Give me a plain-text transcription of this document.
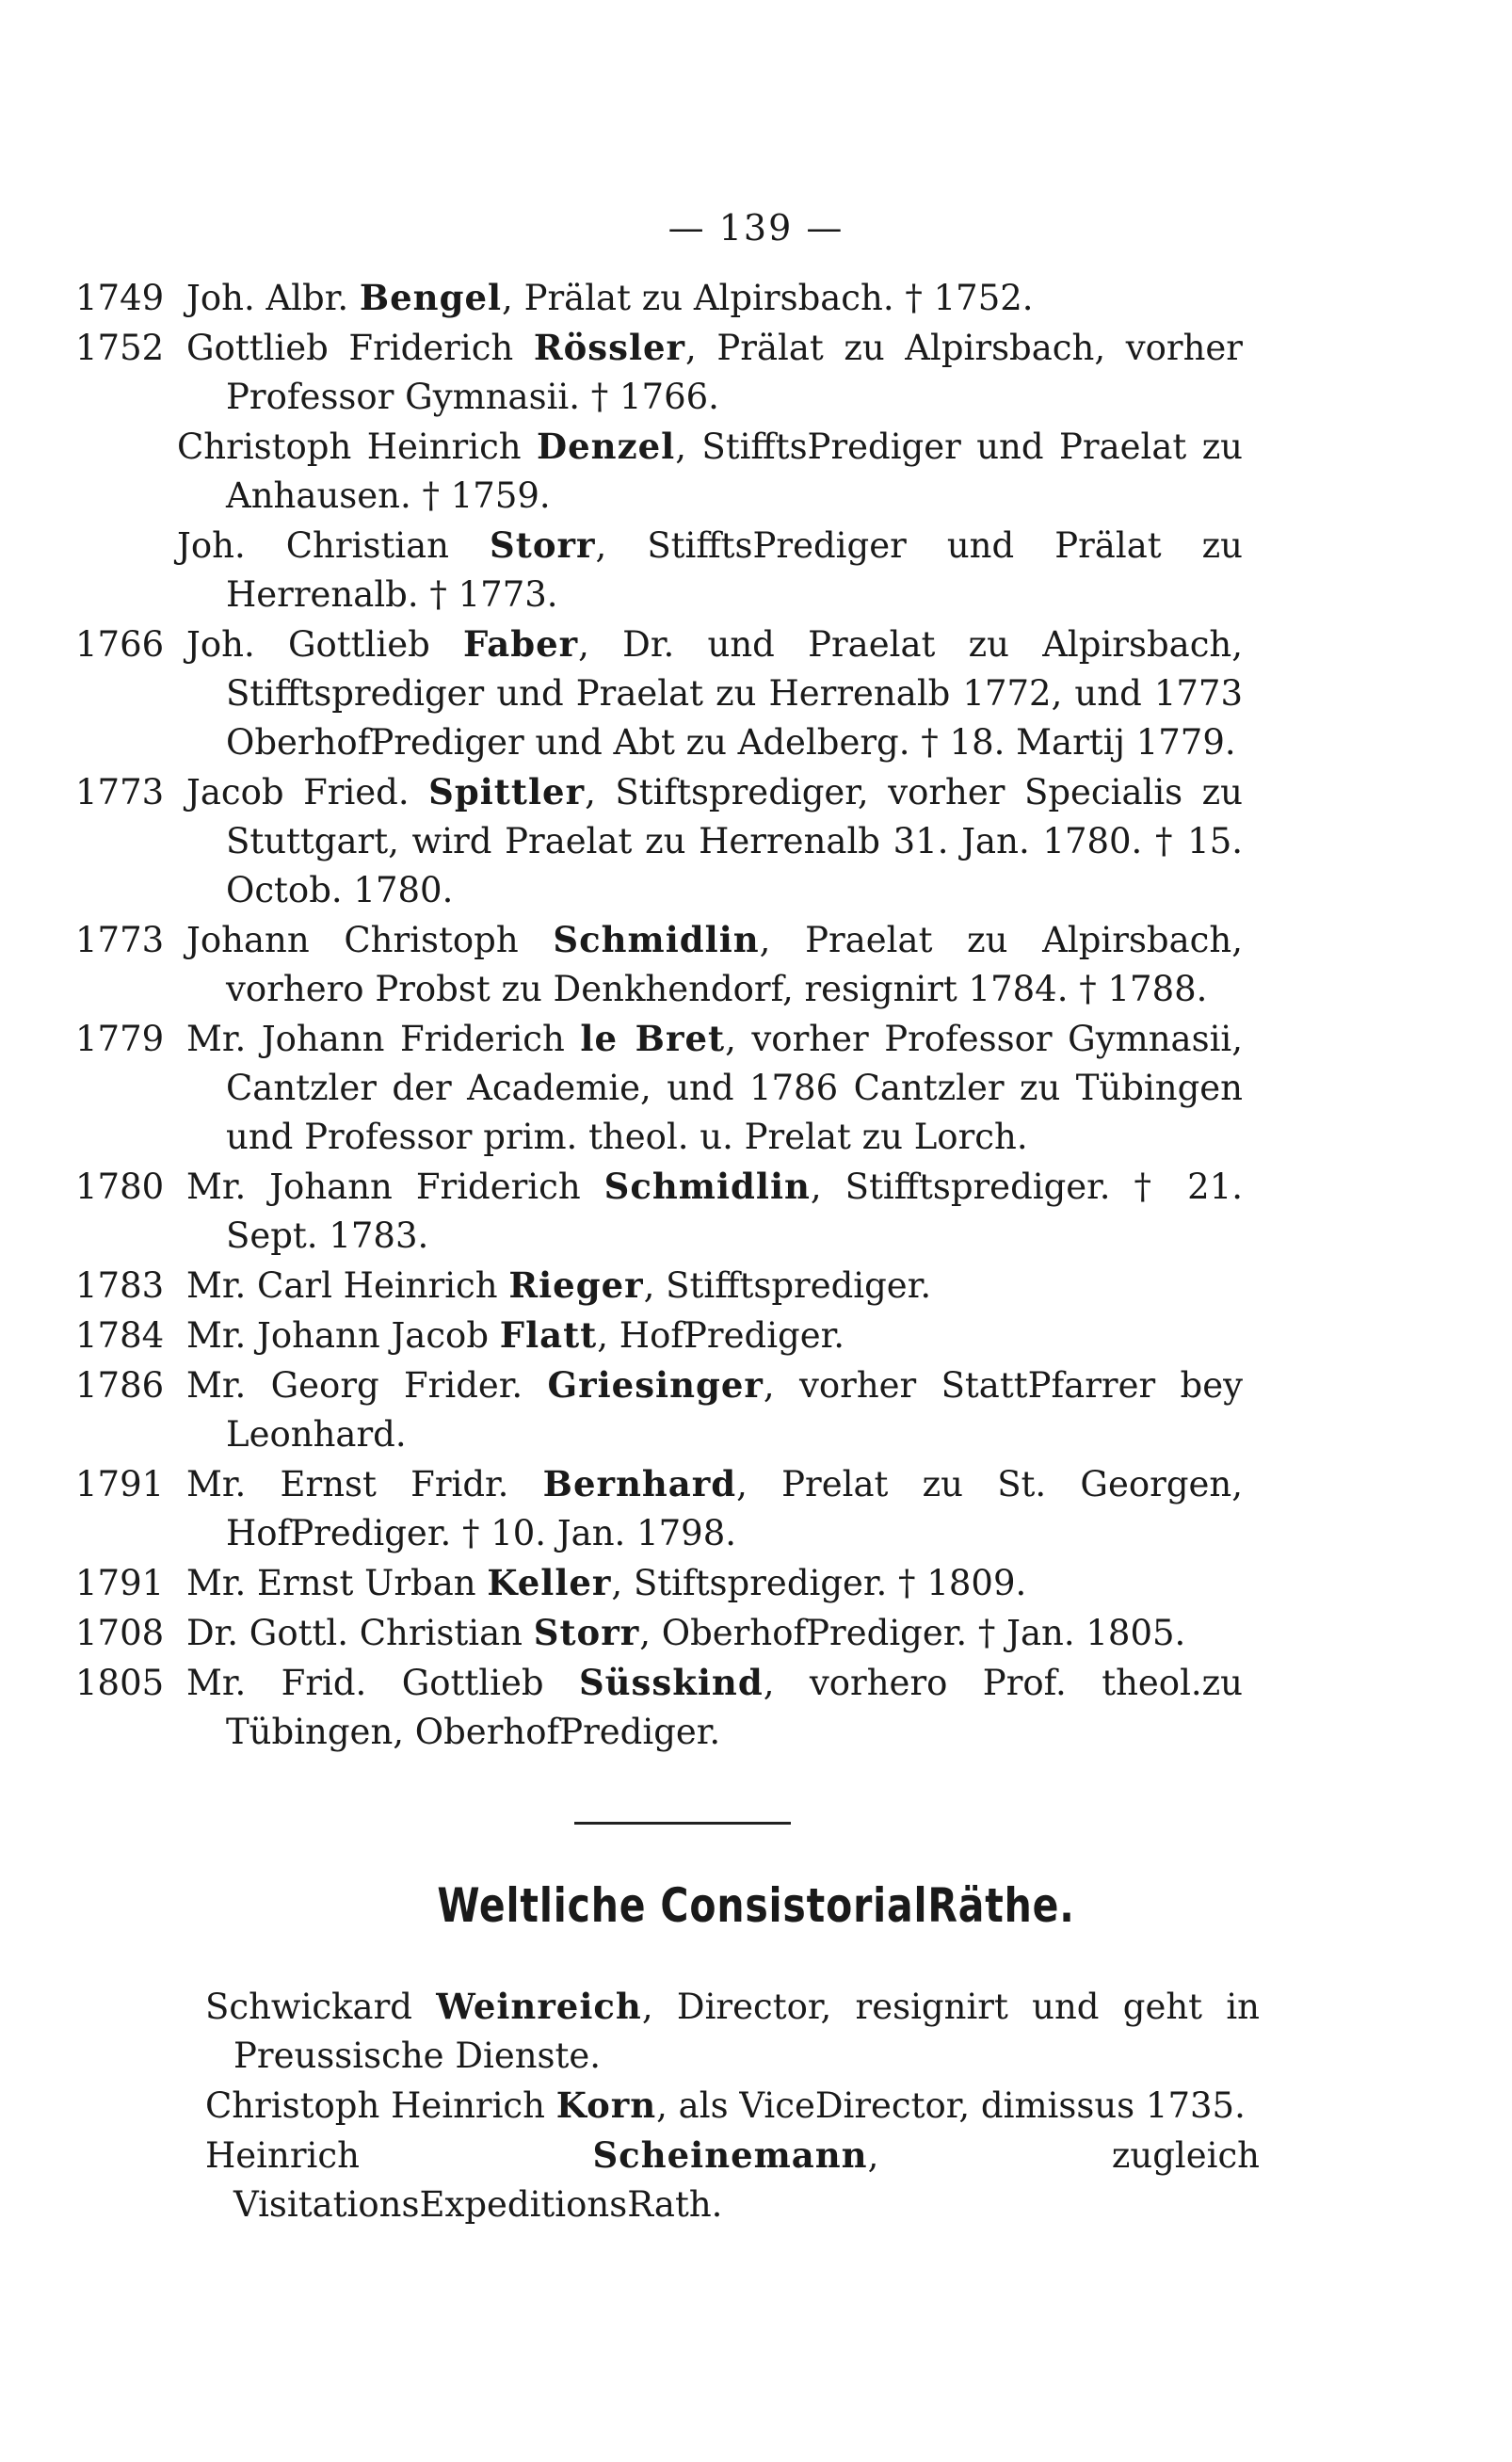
— 139 —

1749 Joh. Albr. Bengel, Prälat zu Alpirsbach. † 1752.

1752 Gottlieb Friderich Rössler, Prälat zu Alpirsbach, vorher Professor Gymnasii. † 1766.

Christoph Heinrich Denzel, StifftsPrediger und Praelat zu Anhausen. † 1759.

Joh. Christian Storr, StifftsPrediger und Prälat zu Herrenalb. † 1773.

1766 Joh. Gottlieb Faber, Dr. und Praelat zu Alpirsbach, Stifftsprediger und Praelat zu Herrenalb 1772, und 1773 OberhofPrediger und Abt zu Adelberg. † 18. Martij 1779.

1773 Jacob Fried. Spittler, Stiftsprediger, vorher Specialis zu Stuttgart, wird Praelat zu Herrenalb 31. Jan. 1780. † 15. Octob. 1780.

1773 Johann Christoph Schmidlin, Praelat zu Alpirsbach, vorhero Probst zu Denkhendorf, resignirt 1784. † 1788.

1779 Mr. Johann Friderich le Bret, vorher Professor Gymnasii, Cantzler der Academie, und 1786 Cantzler zu Tübingen und Professor prim. theol. u. Prelat zu Lorch.

1780 Mr. Johann Friderich Schmidlin, Stifftsprediger. † 21. Sept. 1783.

1783 Mr. Carl Heinrich Rieger, Stifftsprediger.

1784 Mr. Johann Jacob Flatt, HofPrediger.

1786 Mr. Georg Frider. Griesinger, vorher StattPfarrer bey Leonhard.

1791 Mr. Ernst Fridr. Bernhard, Prelat zu St. Georgen, HofPrediger. † 10. Jan. 1798.

1791 Mr. Ernst Urban Keller, Stiftsprediger. † 1809.

1708 Dr. Gottl. Christian Storr, OberhofPrediger. † Jan. 1805.

1805 Mr. Frid. Gottlieb Süsskind, vorhero Prof. theol.zu Tübingen, OberhofPrediger.

Weltliche ConsistorialRäthe.

Schwickard Weinreich, Director, resignirt und geht in Preussische Dienste.

Christoph Heinrich Korn, als ViceDirector, dimissus 1735.

Heinrich	Scheinemann, zugleich VisitationsExpeditionsRath.
